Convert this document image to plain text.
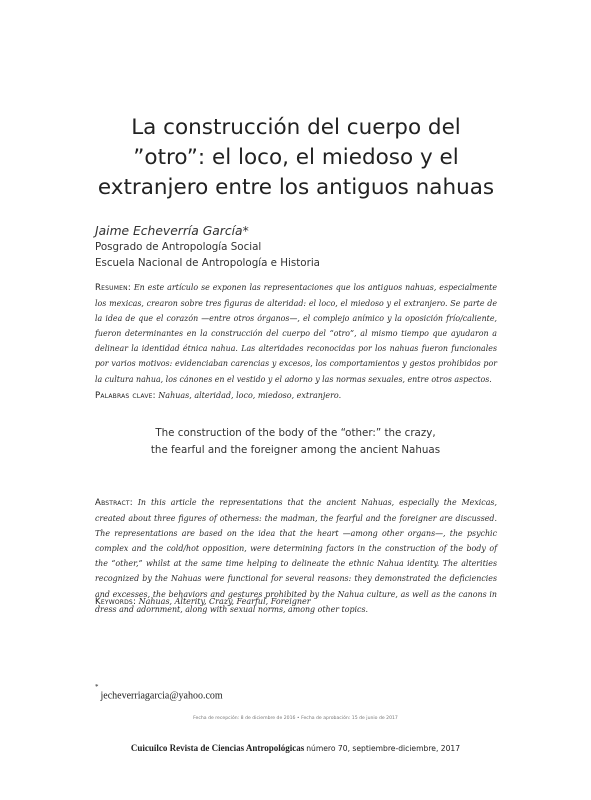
La construcción del cuerpo del
”otro”: el loco, el miedoso y el
extranjero entre los antiguos nahuas
Jaime Echeverría García*
Posgrado de Antropología Social
Escuela Nacional de Antropología e Historia
Resumen: En este artículo se exponen las representaciones que los antiguos nahuas, especialmente los mexicas, crearon sobre tres figuras de alteridad: el loco, el miedoso y el extranjero. Se parte de la idea de que el corazón —entre otros órganos—, el complejo anímico y la oposición frío/caliente, fueron determinantes en la construcción del cuerpo del “otro”, al mismo tiempo que ayudaron a delinear la identidad étnica nahua. Las alteridades reconocidas por los nahuas fueron funcionales por varios motivos: evidenciaban carencias y excesos, los comportamientos y gestos prohibidos por la cultura nahua, los cánones en el vestido y el adorno y las normas sexuales, entre otros aspectos.
Palabras clave: Nahuas, alteridad, loco, miedoso, extranjero.
The construction of the body of the “other:” the crazy,
the fearful and the foreigner among the ancient Nahuas
Abstract: In this article the representations that the ancient Nahuas, especially the Mexicas, created about three figures of otherness: the madman, the fearful and the foreigner are discussed. The representations are based on the idea that the heart —among other organs—, the psychic complex and the cold/hot opposition, were determining factors in the construction of the body of the “other,” whilst at the same time helping to delineate the ethnic Nahua identity. The alterities recognized by the Nahuas were functional for several reasons: they demonstrated the deficiencies and excesses, the behaviors and gestures prohibited by the Nahua culture, as well as the canons in dress and adornment, along with sexual norms, among other topics.
Keywords: Nahuas, Alterity, Crazy, Fearful, Foreigner
*jecheverriagarcia@yahoo.com
Fecha de recepción: 8 de diciembre de 2016 • Fecha de aprobación: 15 de junio de 2017
Cuicuilco Revista de Ciencias Antropológicas número 70, septiembre-diciembre, 2017
